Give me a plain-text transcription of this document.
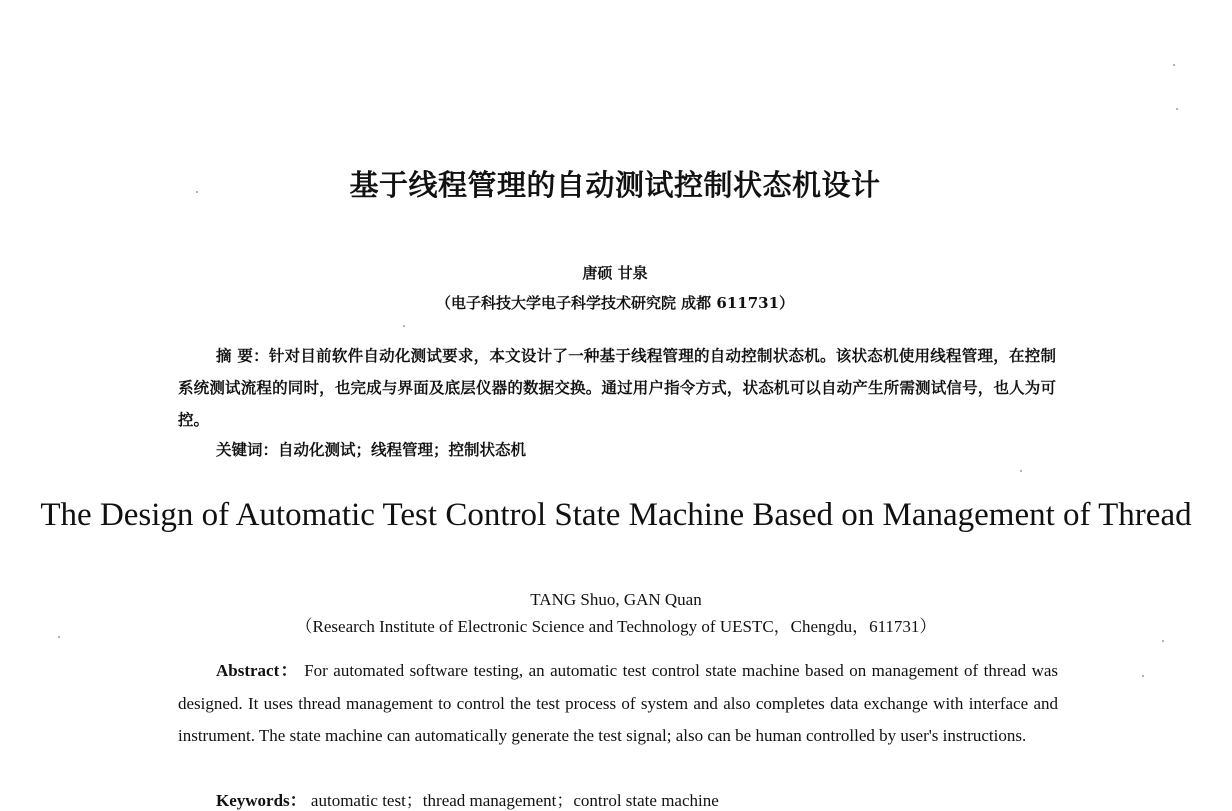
基于线程管理的自动测试控制状态机设计
唐硕 甘泉
（电子科技大学电子科学技术研究院 成都 611731）
摘 要：针对目前软件自动化测试要求，本文设计了一种基于线程管理的自动控制状态机。该状态机使用线程管理，在控制系统测试流程的同时，也完成与界面及底层仪器的数据交换。通过用户指令方式，状态机可以自动产生所需测试信号，也人为可控。
关键词：自动化测试；线程管理；控制状态机
The Design of Automatic Test Control State Machine Based on Management of Thread
TANG Shuo, GAN Quan
（Research Institute of Electronic Science and Technology of UESTC，Chengdu，611731）
Abstract： For automated software testing, an automatic test control state machine based on management of thread was designed. It uses thread management to control the test process of system and also completes data exchange with interface and instrument. The state machine can automatically generate the test signal; also can be human controlled by user's instructions.
Keywords： automatic test；thread management；control state machine
